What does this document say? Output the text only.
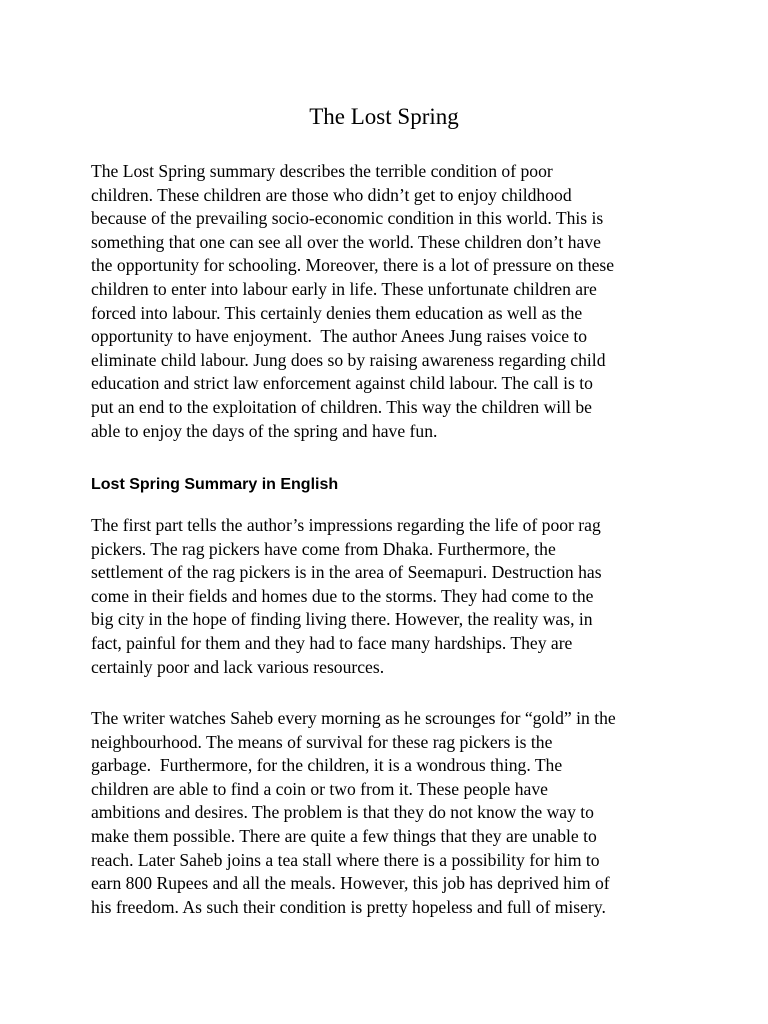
The Lost Spring
The Lost Spring summary describes the terrible condition of poor
children. These children are those who didn’t get to enjoy childhood
because of the prevailing socio-economic condition in this world. This is
something that one can see all over the world. These children don’t have
the opportunity for schooling. Moreover, there is a lot of pressure on these
children to enter into labour early in life. These unfortunate children are
forced into labour. This certainly denies them education as well as the
opportunity to have enjoyment.  The author Anees Jung raises voice to
eliminate child labour. Jung does so by raising awareness regarding child
education and strict law enforcement against child labour. The call is to
put an end to the exploitation of children. This way the children will be
able to enjoy the days of the spring and have fun.
Lost Spring Summary in English
The first part tells the author’s impressions regarding the life of poor rag
pickers. The rag pickers have come from Dhaka. Furthermore, the
settlement of the rag pickers is in the area of Seemapuri. Destruction has
come in their fields and homes due to the storms. They had come to the
big city in the hope of finding living there. However, the reality was, in
fact, painful for them and they had to face many hardships. They are
certainly poor and lack various resources.
The writer watches Saheb every morning as he scrounges for “gold” in the
neighbourhood. The means of survival for these rag pickers is the
garbage.  Furthermore, for the children, it is a wondrous thing. The
children are able to find a coin or two from it. These people have
ambitions and desires. The problem is that they do not know the way to
make them possible. There are quite a few things that they are unable to
reach. Later Saheb joins a tea stall where there is a possibility for him to
earn 800 Rupees and all the meals. However, this job has deprived him of
his freedom. As such their condition is pretty hopeless and full of misery.
